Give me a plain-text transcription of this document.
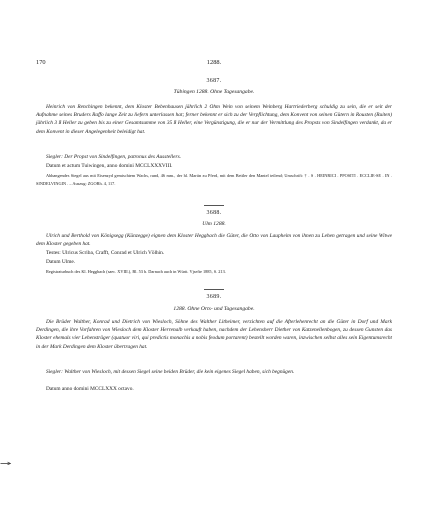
170	1288.
3687.
Tübingen 1288. Ohne Tagesangabe.

Heinrich von Renchingen bekennt, dem Kloster Bebenhausen jährlich 2 Ohm Wein von seinem Weinberg Hartriederberg schuldig zu sein, die er seit der Aufnahme seines Bruders Raffo lange Zeit zu liefern unterlassen hat; ferner bekennt er sich zu der Verpflichtung, dem Konvent von seinen Gütern in Rousten (Ruiten) jährlich 3 ß Heller zu geben bis zu einer Gesamtsumme von 35 ß Heller, eine Vergünstigung, die er nur der Vermittlung des Propsts von Sindelfingen verdankt, da er dem Konvent in dieser Angelegenheit beleidigt hat.

Siegler: Der Propst von Sindelfingen, patronus des Ausstellers.

Datum et actum Tuiwingen, anno domini MCCLXXXVIII.

Abhangendes Siegel aus mit Eisenzyd gemischtem Wachs, rund, 46 mm., der hl. Martin zu Pferd, mit dem Bettler den Mantel teilend; Umschrift: † . S . HEINRICI . PPOSITI . ECCLIE-SE . IN . SINDELVINGIN . – Auszug: ZGORh. 4, 117.

3688.
Ulm 1288.

Ulrich und Berthold von Königsegg (Künzegge) eignen dem Kloster Heggbach die Güter, die Otto von Laupheim von ihnen zu Lehen getragen und seine Witwe dem Kloster gegeben hat.

Testes: Ulricus Scriba, Crafft, Conrad et Ulrich Völhin.

Datum Ulme.

Registraturbuch des Kl. Heggbach (saec. XVIII.), Bl. 53 b. Darnach auch in Württ. Vjsefte 1885, S. 213.

3689.
1288. Ohne Orts- und Tagesangabe.

Die Brüder Walther, Konrad und Dietrich von Wiesloch, Söhne des Walther Litheimer, verzichten auf die Afterlehenrecht an die Güter in Dorf und Mark Derdingen, die ihre Vorfahren von Wiesloch dem Kloster Herrenalb verkauft haben, nachdem der Lehensherr Diether von Katzenellenbogen, zu dessen Gunsten das Kloster ehemals vier Lehensträger (quatuor viri, qui predictis monachis a nobis feodum portarent) bestellt worden waren, inzwischen selbst alles sein Eigentumsrecht in der Mark Derdingen dem Kloster übertragen hat.

Siegler: Walther von Wiesloch, mit dessen Siegel seine beiden Brüder, die kein eigenes Siegel haben, sich begnügen.

Datum anno domini MCCLXXX octavo.
